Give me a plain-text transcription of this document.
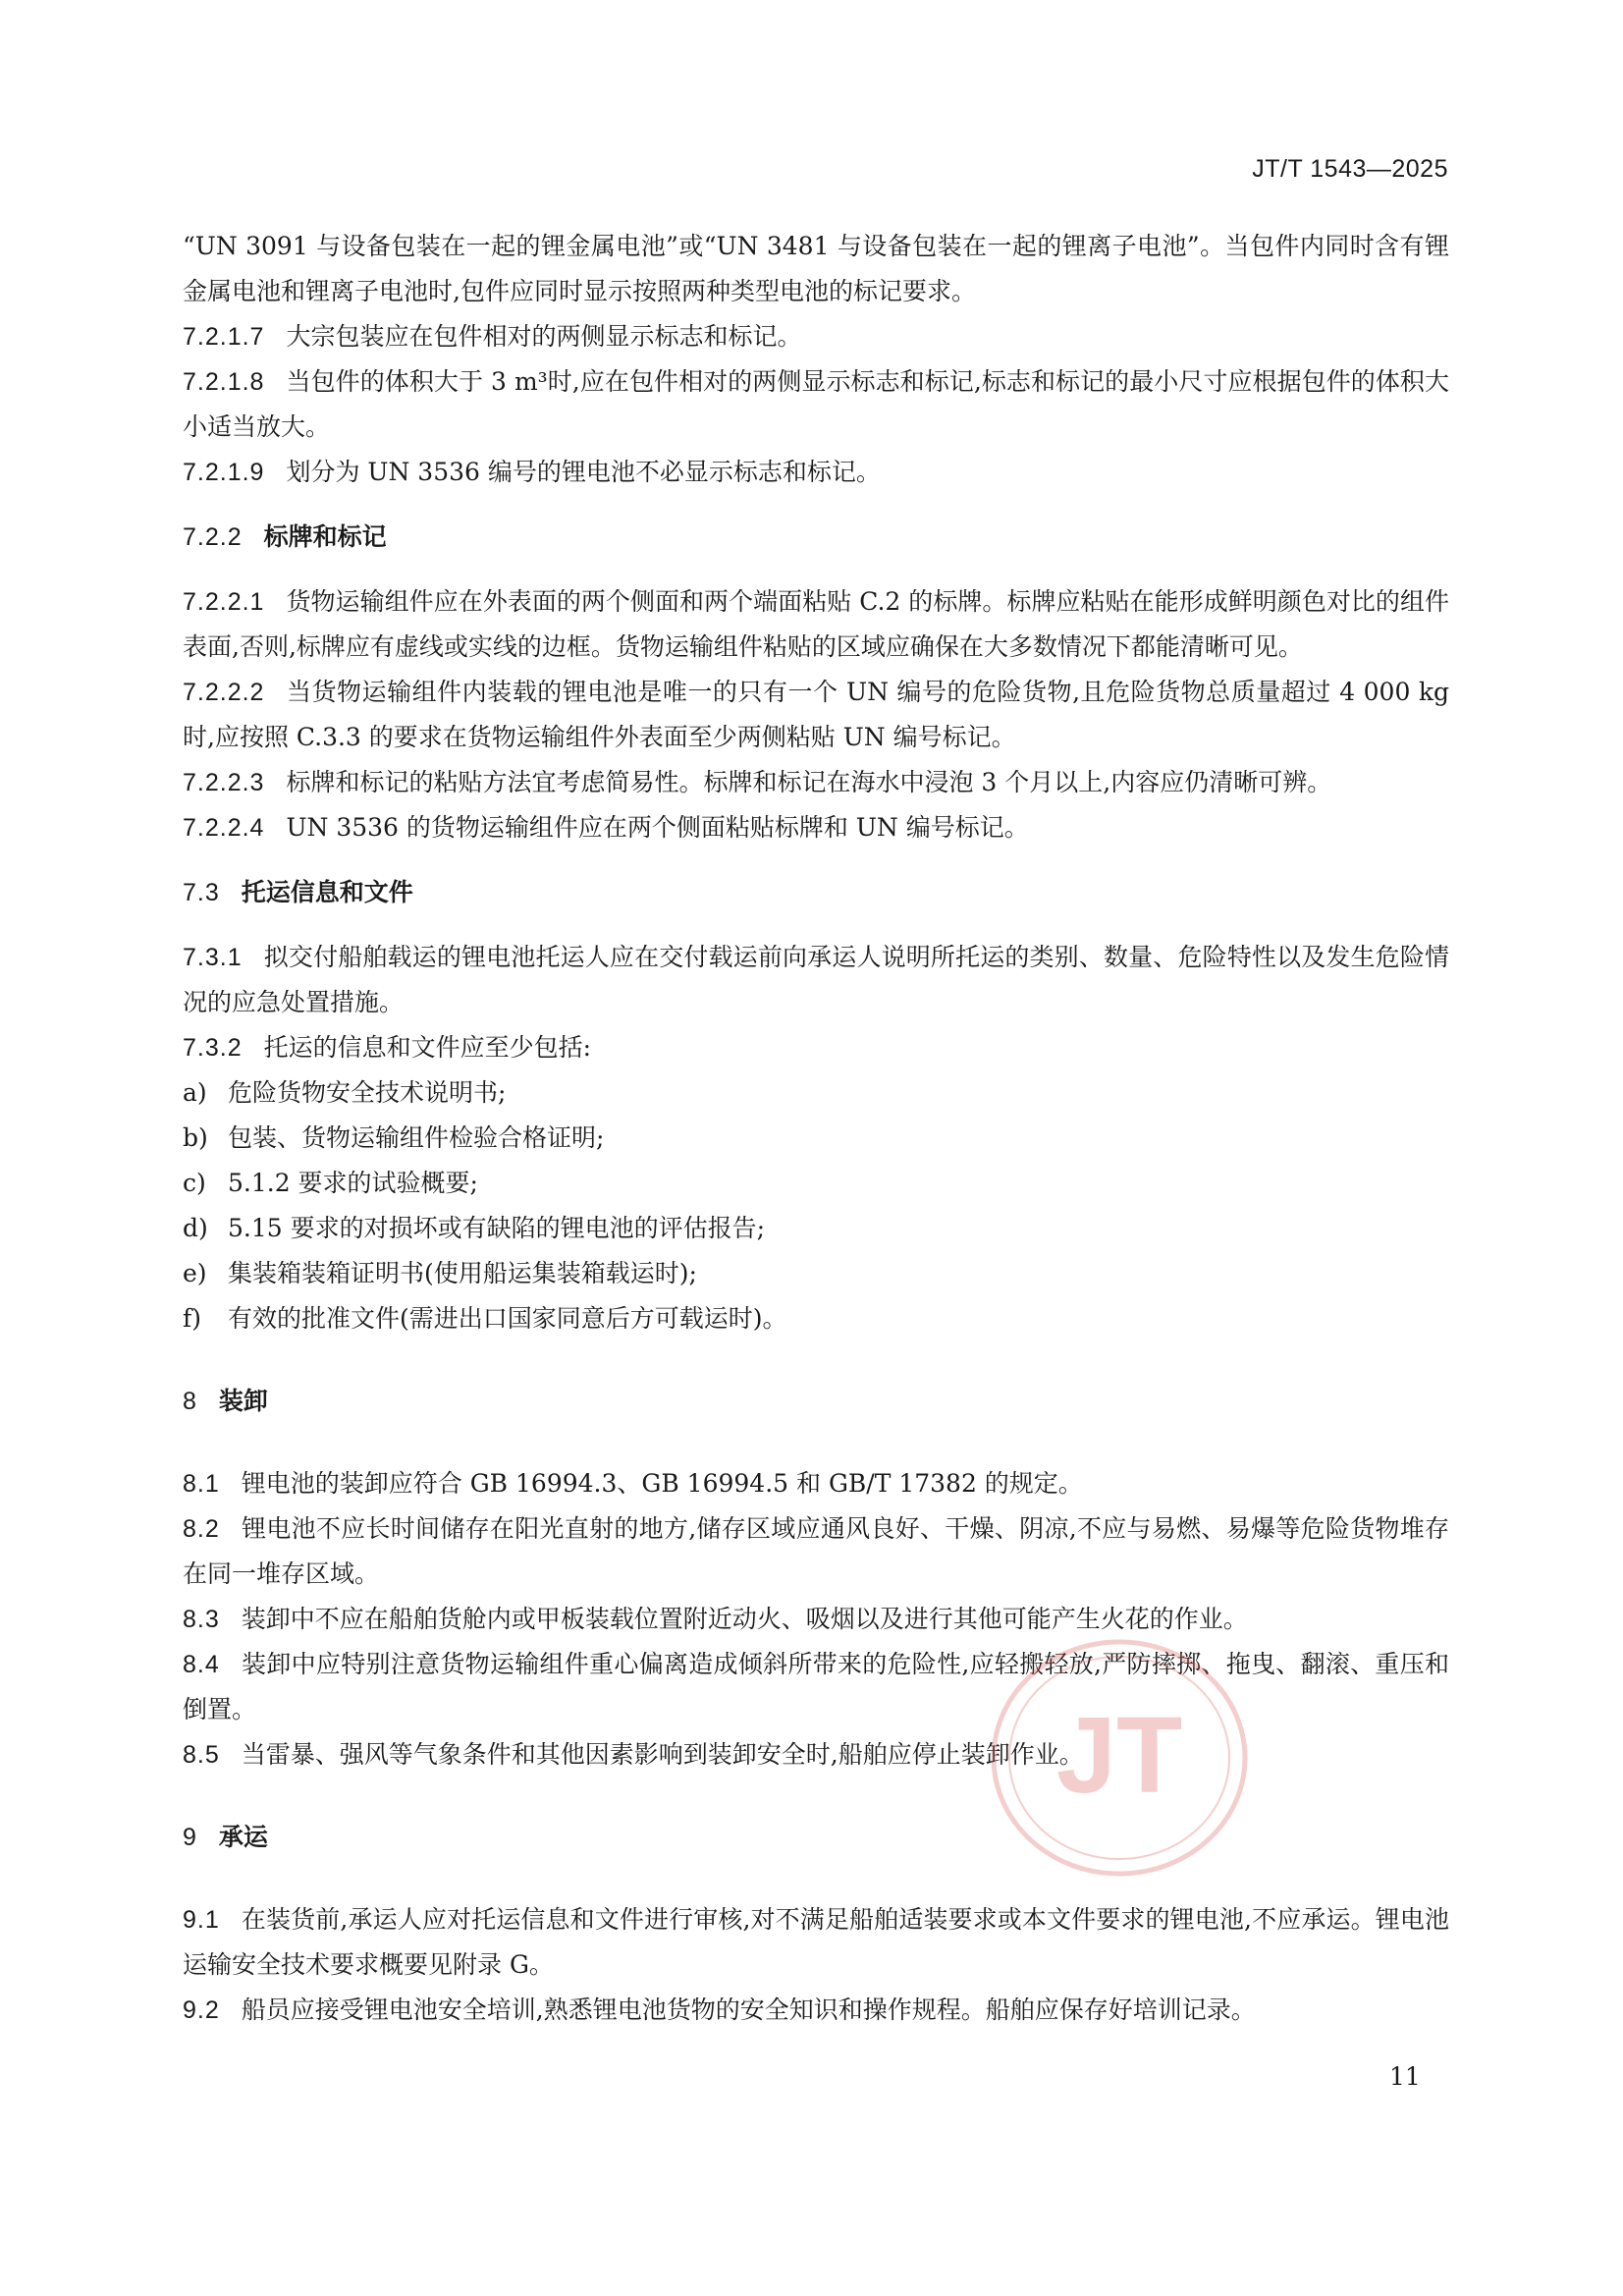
JT/T 1543—2025

“UN 3091 与设备包装在一起的锂金属电池”或“UN 3481 与设备包装在一起的锂离子电池”。当包件内同时含有锂金属电池和锂离子电池时,包件应同时显示按照两种类型电池的标记要求。

7.2.1.7 大宗包装应在包件相对的两侧显示标志和标记。

7.2.1.8 当包件的体积大于 3 m³时,应在包件相对的两侧显示标志和标记,标志和标记的最小尺寸应根据包件的体积大小适当放大。

7.2.1.9 划分为 UN 3536 编号的锂电池不必显示标志和标记。

7.2.2 标牌和标记

7.2.2.1 货物运输组件应在外表面的两个侧面和两个端面粘贴 C.2 的标牌。标牌应粘贴在能形成鲜明颜色对比的组件表面,否则,标牌应有虚线或实线的边框。货物运输组件粘贴的区域应确保在大多数情况下都能清晰可见。

7.2.2.2 当货物运输组件内装载的锂电池是唯一的只有一个 UN 编号的危险货物,且危险货物总质量超过 4 000 kg 时,应按照 C.3.3 的要求在货物运输组件外表面至少两侧粘贴 UN 编号标记。

7.2.2.3 标牌和标记的粘贴方法宜考虑简易性。标牌和标记在海水中浸泡 3 个月以上,内容应仍清晰可辨。

7.2.2.4 UN 3536 的货物运输组件应在两个侧面粘贴标牌和 UN 编号标记。

7.3 托运信息和文件

7.3.1 拟交付船舶载运的锂电池托运人应在交付载运前向承运人说明所托运的类别、数量、危险特性以及发生危险情况的应急处置措施。

7.3.2 托运的信息和文件应至少包括:

a) 危险货物安全技术说明书;

b) 包装、货物运输组件检验合格证明;

c) 5.1.2 要求的试验概要;

d) 5.15 要求的对损坏或有缺陷的锂电池的评估报告;

e) 集装箱装箱证明书(使用船运集装箱载运时);

f) 有效的批准文件(需进出口国家同意后方可载运时)。

8 装卸

8.1 锂电池的装卸应符合 GB 16994.3、GB 16994.5 和 GB/T 17382 的规定。

8.2 锂电池不应长时间储存在阳光直射的地方,储存区域应通风良好、干燥、阴凉,不应与易燃、易爆等危险货物堆存在同一堆存区域。

8.3 装卸中不应在船舶货舱内或甲板装载位置附近动火、吸烟以及进行其他可能产生火花的作业。

8.4 装卸中应特别注意货物运输组件重心偏离造成倾斜所带来的危险性,应轻搬轻放,严防摔掷、拖曳、翻滚、重压和倒置。

8.5 当雷暴、强风等气象条件和其他因素影响到装卸安全时,船舶应停止装卸作业。

9 承运

9.1 在装货前,承运人应对托运信息和文件进行审核,对不满足船舶适装要求或本文件要求的锂电池,不应承运。锂电池运输安全技术要求概要见附录 G。

9.2 船员应接受锂电池安全培训,熟悉锂电池货物的安全知识和操作规程。船舶应保存好培训记录。

JT
11
